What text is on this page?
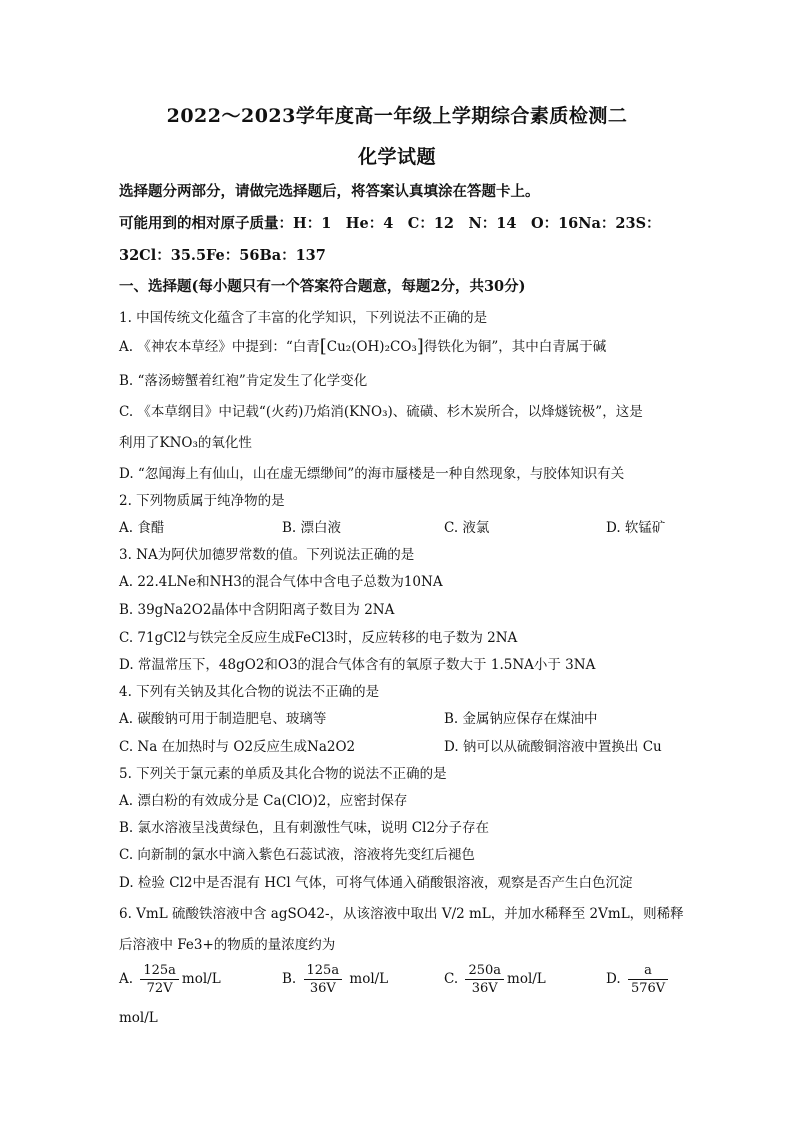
2022～2023学年度高一年级上学期综合素质检测二
化学试题
选择题分两部分，请做完选择题后，将答案认真填涂在答题卡上。
可能用到的相对原子质量：H：1　He：4　C：12　N：14　O：16Na：23S：
32Cl：35.5Fe：56Ba：137
一、选择题(每小题只有一个答案符合题意，每题2分，共30分)
1. 中国传统文化蕴含了丰富的化学知识，下列说法不正确的是
A. 《神农本草经》中提到：“白青[Cu₂(OH)₂CO₃]得铁化为铜”，其中白青属于碱
B. “落汤螃蟹着红袍”肯定发生了化学变化
C. 《本草纲目》中记载“(火药)乃焰消(KNO₃)、硫磺、杉木炭所合，以烽燧铳极”，这是
利用了KNO₃的氧化性
D. “忽闻海上有仙山，山在虚无缥缈间”的海市蜃楼是一种自然现象，与胶体知识有关
2. 下列物质属于纯净物的是
A. 食醋	B. 漂白液	C. 液氯	D. 软锰矿
3. NA为阿伏加德罗常数的值。下列说法正确的是
A. 22.4LNe和NH3的混合气体中含电子总数为10NA
B. 39gNa2O2晶体中含阴阳离子数目为 2NA
C. 71gCl2与铁完全反应生成FeCl3时，反应转移的电子数为 2NA
D. 常温常压下，48gO2和O3的混合气体含有的氧原子数大于 1.5NA小于 3NA
4. 下列有关钠及其化合物的说法不正确的是
A. 碳酸钠可用于制造肥皂、玻璃等	B. 金属钠应保存在煤油中
C. Na 在加热时与 O2反应生成Na2O2	D. 钠可以从硫酸铜溶液中置换出 Cu
5. 下列关于氯元素的单质及其化合物的说法不正确的是
A. 漂白粉的有效成分是 Ca(ClO)2，应密封保存
B. 氯水溶液呈浅黄绿色，且有刺激性气味，说明 Cl2分子存在
C. 向新制的氯水中滴入紫色石蕊试液，溶液将先变红后褪色
D. 检验 Cl2中是否混有 HCl 气体，可将气体通入硝酸银溶液，观察是否产生白色沉淀
6. VmL 硫酸铁溶液中含 agSO42-，从该溶液中取出 V/2 mL，并加水稀释至 2VmL，则稀释
后溶液中 Fe3+的物质的量浓度约为
A. $\frac{125a}{72V} mol/L$	B. $\frac{125a}{36V} mol/L$	C. $\frac{250a}{36V} mol/L$	D. $\frac{a}{576V}$
mol/L
